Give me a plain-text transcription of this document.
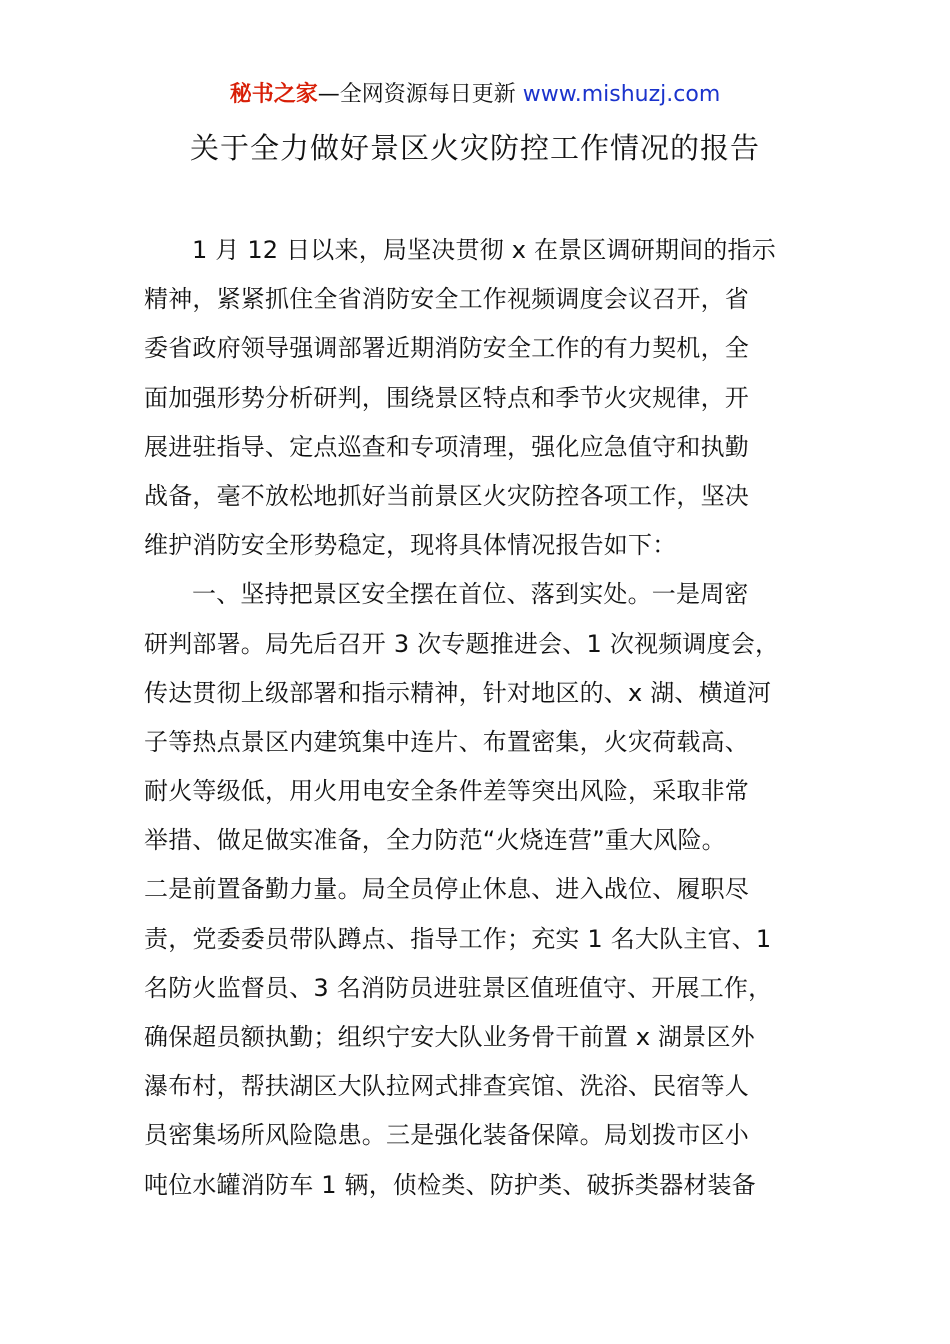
秘书之家—全网资源每日更新 www.mishuzj.com
关于全力做好景区火灾防控工作情况的报告
1 月 12 日以来，局坚决贯彻 x 在景区调研期间的指示
精神，紧紧抓住全省消防安全工作视频调度会议召开，省
委省政府领导强调部署近期消防安全工作的有力契机，全
面加强形势分析研判，围绕景区特点和季节火灾规律，开
展进驻指导、定点巡查和专项清理，强化应急值守和执勤
战备，毫不放松地抓好当前景区火灾防控各项工作，坚决
维护消防安全形势稳定，现将具体情况报告如下：
一、坚持把景区安全摆在首位、落到实处。一是周密
研判部署。局先后召开 3 次专题推进会、1 次视频调度会，
传达贯彻上级部署和指示精神，针对地区的、x 湖、横道河
子等热点景区内建筑集中连片、布置密集，火灾荷载高、
耐火等级低，用火用电安全条件差等突出风险，采取非常
举措、做足做实准备，全力防范“火烧连营”重大风险。
二是前置备勤力量。局全员停止休息、进入战位、履职尽
责，党委委员带队蹲点、指导工作；充实 1 名大队主官、1
名防火监督员、3 名消防员进驻景区值班值守、开展工作，
确保超员额执勤；组织宁安大队业务骨干前置 x 湖景区外
瀑布村，帮扶湖区大队拉网式排查宾馆、洗浴、民宿等人
员密集场所风险隐患。三是强化装备保障。局划拨市区小
吨位水罐消防车 1 辆，侦检类、防护类、破拆类器材装备
